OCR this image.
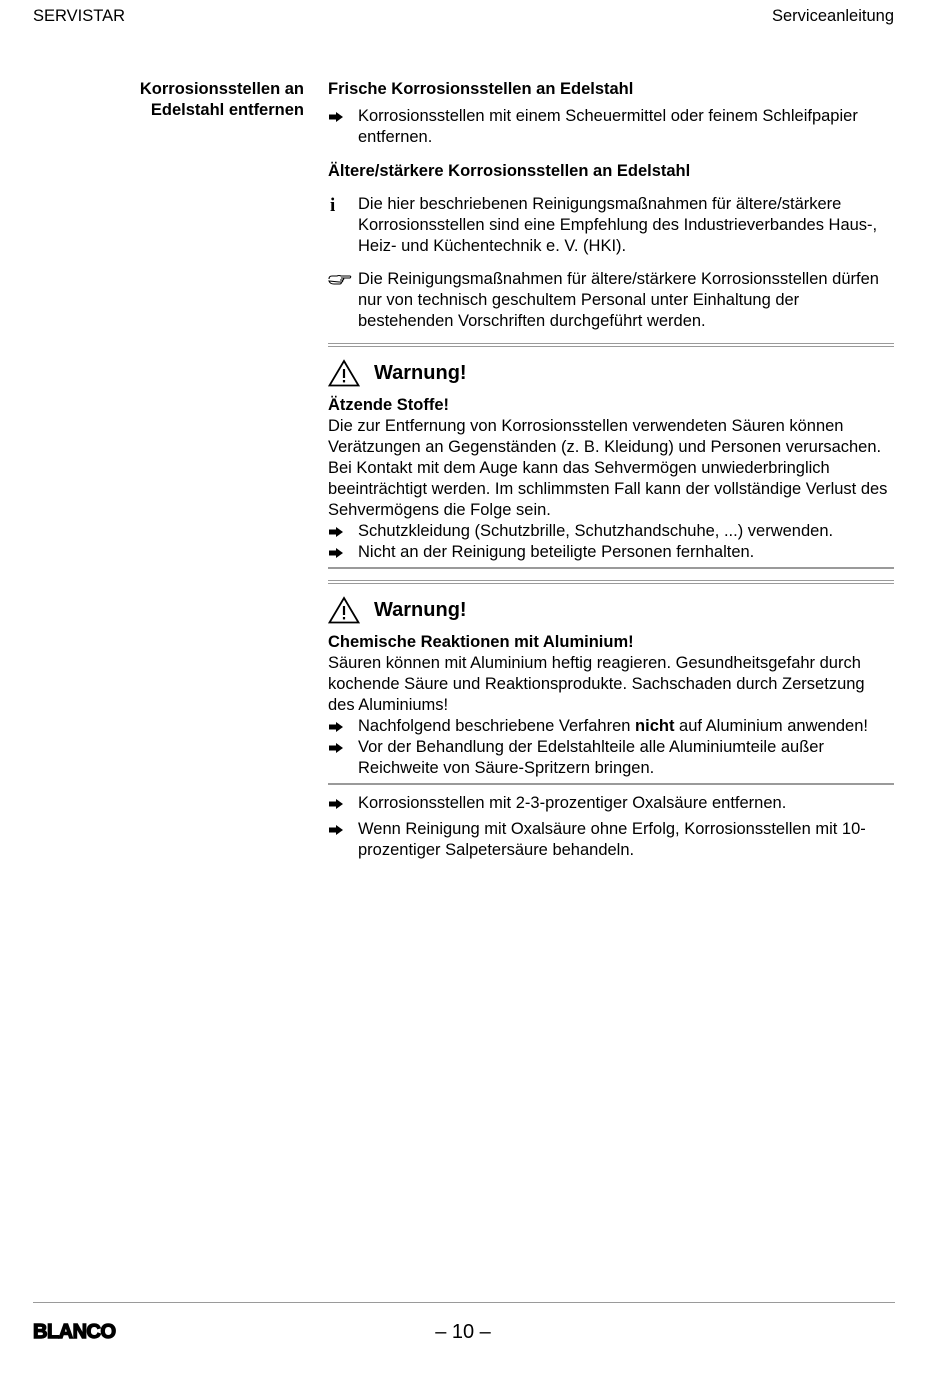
SERVISTAR	Serviceanleitung
Korrosionsstellen an
Edelstahl entfernen
Frische Korrosionsstellen an Edelstahl
Korrosionsstellen mit einem Scheuermittel oder feinem Schleifpapier entfernen.
Ältere/stärkere Korrosionsstellen an Edelstahl
i Die hier beschriebenen Reinigungsmaßnahmen für ältere/stärkere Korrosionsstellen sind eine Empfehlung des Industrieverbandes Haus-, Heiz- und Küchentechnik e. V. (HKI).
Die Reinigungsmaßnahmen für ältere/stärkere Korrosionsstellen dürfen nur von technisch geschultem Personal unter Einhaltung der bestehenden Vorschriften durchgeführt werden.
Warnung!
Ätzende Stoffe!
Die zur Entfernung von Korrosionsstellen verwendeten Säuren können Verätzungen an Gegenständen (z. B. Kleidung) und Personen verursachen. Bei Kontakt mit dem Auge kann das Sehvermögen unwiederbringlich beeinträchtigt werden. Im schlimmsten Fall kann der vollständige Verlust des Sehvermögens die Folge sein.
Schutzkleidung (Schutzbrille, Schutzhandschuhe, ...) verwenden.
Nicht an der Reinigung beteiligte Personen fernhalten.
Warnung!
Chemische Reaktionen mit Aluminium!
Säuren können mit Aluminium heftig reagieren. Gesundheitsgefahr durch kochende Säure und Reaktionsprodukte. Sachschaden durch Zersetzung des Aluminiums!
Nachfolgend beschriebene Verfahren nicht auf Aluminium anwenden!
Vor der Behandlung der Edelstahlteile alle Aluminiumteile außer Reichweite von Säure-Spritzern bringen.
Korrosionsstellen mit 2-3-prozentiger Oxalsäure entfernen.
Wenn Reinigung mit Oxalsäure ohne Erfolg, Korrosionsstellen mit 10-prozentiger Salpetersäure behandeln.
BLANCO	– 10 –
